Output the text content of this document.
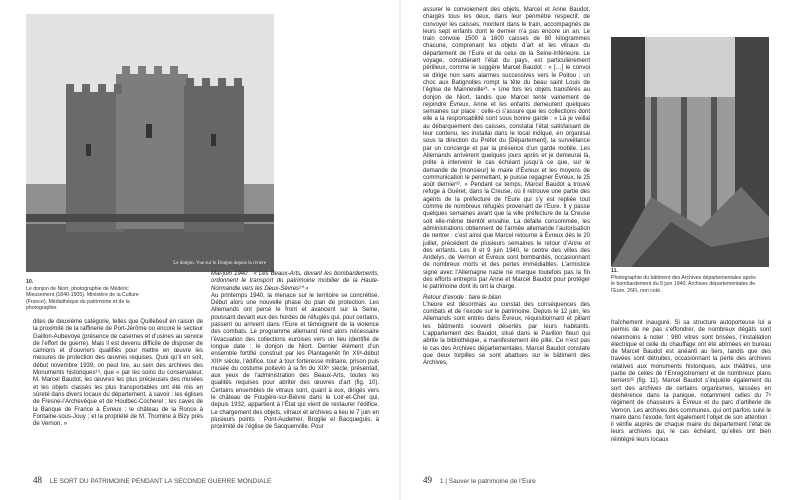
Le donjon. Vue sur le Donjon depuis la riviere
10.
Le donjon de Niort, photographie de Médéric Mieusement (1840-1905). Ministère de la Culture (France), Médiathèque du patrimoine et de la photographie.

dites de deuxième catégorie, telles que Quillebeuf en raison de la proximité de la raffinerie de Port-Jérôme ou encore le secteur Gaillon-Aubevoye (présence de casernes et d’usines au service de l’effort de guerre). Mais il est devenu difficile de disposer de camions et d’ouvriers qualifiés pour mettre en œuvre les mesures de protection des œuvres requises. Quoi qu’il en soit, début novembre 1939, on peut lire, au sein des archives des Monuments historiques¹⁹, que « par les soins du conservateur, M. Marcel Baudot, les œuvres les plus précieuses des musées et les objets classés les plus transportables ont été mis en sûreté dans divers locaux du département, à savoir : les églises de Fresne-l’Archevêque et de Houlbec-Cocherel ; les caves de la Banque de France à Évreux ; le château de la Ronce à Fontaine-sous-Jouy ; et la propriété de M. Thomine à Bizy près de Vernon. »

Mai-juin 1940 : « Les Beaux-Arts, devant les bombardements, ordonnent le transport du patrimoine mobilier de la Haute-Normandie vers les Deux-Sèvres²⁰ »

Au printemps 1940, la menace sur le territoire se concrétise. Début alors une nouvelle phase du plan de protection. Les Allemands ont percé le front et avancent sur la Seine, poussant devant eux des hordes de réfugiés qui, pour certains, passent ou arrivent dans l’Eure et témoignent de la violence des combats. Le programme allemand rend alors nécessaire l’évacuation des collections euroises vers un lieu identifié de longue date : le donjon de Niort. Dernier élément d’un ensemble fortifié construit par les Plantagenêt fin XIIᵉ-début XIIIᵉ siècle, l’édifice, tour à tour forteresse militaire, prison puis musée du costume poitevin à la fin du XIXᵉ siècle, présentait, aux yeux de l’administration des Beaux-Arts, toutes les qualités requises pour abriter des œuvres d’art (fig. 10). Certains ensembles de vitraux sont, quant à eux, dirigés vers le château de Fougère-sur-Bièvre dans le Loir-et-Cher qui, depuis 1932, appartient à l’État qui vient de restaurer l’édifice. Le chargement des objets, vitraux et archives a lieu le 7 juin en plusieurs points : Pont-Audemer, Broglie et Bacqueguis, à proximité de l’église de Sacquenville. Pour

48 LE SORT DU PATRIMOINE PENDANT LA SECONDE GUERRE MONDIALE

assurer le convoiement des objets, Marcel et Anne Baudot, chargés tous les deux, dans leur périmètre respectif, de convoyer les caisses, montent dans le train, accompagnés de leurs sept enfants dont le dernier n’a pas encore un an. Le train convoie 1500 à 1600 caisses de 80 kilogrammes chacune, comprenant les objets d’art et les vitraux du département de l’Eure et de celui de la Seine-Inférieure. Le voyage, considérant l’état du pays, est particulièrement périlleux, comme le suggère Marcel Baudot : « […] le convoi se dirige non sans alarmes successives vers le Poitou ; un choc aux Batignolles rompt la tête du beau saint Louis de l’église de Mainneville²¹. » Une fois les objets transférés au donjon de Niort, tandis que Marcel tente vainement de rejoindre Évreux, Anne et les enfants demeurent quelques semaines sur place : celle-ci s’assure que les collections dont elle a la responsabilité sont sous bonne garde : « Là je veillai au débarquement des caisses, constatai l’état satisfaisant de leur contenu, les installai dans le local indiqué, en organisai sous la direction du Préfet du [Département], la surveillance par un concierge et par la présence d’un garde mobile. Les Allemands arrivèrent quelques jours après et je demeurai là, prête à intervenir le cas échéant jusqu’à ce que, sur le demande de [monsieur] le maire d’Évreux et les moyens de communication le permettant, je puisse regagner Évreux, le 25 août dernier²². » Pendant ce temps, Marcel Baudot a trouvé refuge à Guéret, dans la Creuse, où il retrouve une partie des agents de la préfecture de l’Eure qui s’y est repliée tout comme de nombreux réfugiés provenant de l’Eure. Il y passe quelques semaines avant que la ville préfecture de la Creuse soit elle-même bientôt envahie. La défaite consommée, les administrations obtiennent de l’armée allemande l’autorisation de rentrer : c’est ainsi que Marcel retourne à Évreux dès le 20 juillet, précédent de plusieurs semaines le retour d’Anne et des enfants. Les 8 et 9 juin 1940, le centre des villes des Andelys, de Vernon et Évreux sont bombardés, occasionnant de nombreux morts et des pertes immédiables. L’armistice signé avec l’Allemagne nazie ne marque toutefois pas la fin des efforts entrepris par Anne et Marcel Baudot pour protéger le patrimoine dont ils ont la charge.

Retour d’exode : faire le bilan

L’heure est désormais au constat des conséquences des combats et de l’exode sur le patrimoine. Depuis le 12 juin, les Allemands sont entrés dans Évreux, réquisitionnant et pillant les bâtiments souvent désertés par leurs habitants. L’appartement des Baudot, situé dans le Pavillon fleuri qui abrite la bibliothèque, a manifestement été pillé. Ce n’est pas le cas des Archives départementales, Marcel Baudot constate que deux torpilles se sont abattues sur le bâtiment des Archives,

11.
Photographie du bâtiment des Archives départementales après le bombardement du 9 juin 1940. Archives départementales de l’Eure, 26Fi, non coté.

fraîchement inauguré. Si sa structure autoporteuse lui a permis de ne pas s’effondrer, de nombreux dégâts sont néanmoins à noter : 980 vitres sont brisées, l’installation électrique et celle du chauffage ont été abîmées en bureau de Marcel Baudot est anéanti au tiers, tandis que des travées sont détruites, occasionnant la perte des archives relatives aux monuments historiques, aux théâtres, une partie de celles de l’Enregistrement et de nombreux plans terriers²³ (fig. 11). Marcel Baudot s’inquiète également du sort des archives de certains organismes, laissées en déshérence dans la panique, notamment celles du 7ᵉ régiment de chasseurs à Évreux et du parc d’artillerie de Vernon. Les archives des communes, qui ont parfois suivi le maire dans l’exode, font également l’objet de son attention : il vérifie auprès de chaque maire du département l’état de leurs archives qui, le cas échéant, qu’elles ont bien réintégré leurs locaux

49 1 | Sauver le patrimoine de l’Eure
